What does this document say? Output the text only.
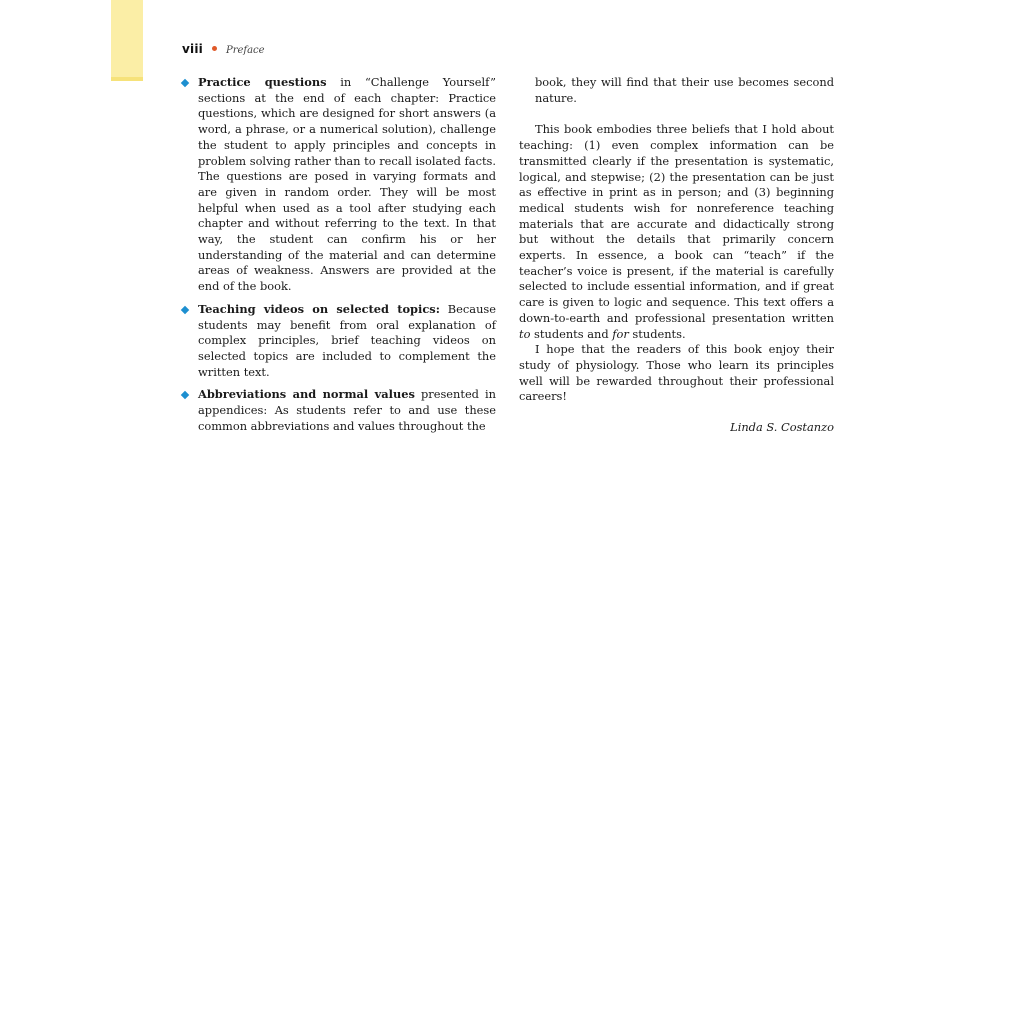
viii Preface
Practice questions in “Challenge Yourself” sections at the end of each chapter: Practice questions, which are designed for short answers (a word, a phrase, or a numerical solution), challenge the student to apply principles and concepts in problem solving rather than to recall isolated facts. The questions are posed in varying formats and are given in random order. They will be most helpful when used as a tool after studying each chapter and without referring to the text. In that way, the student can confirm his or her understanding of the material and can determine areas of weakness. Answers are provided at the end of the book.
Teaching videos on selected topics: Because students may benefit from oral explanation of complex principles, brief teaching videos on selected topics are included to complement the written text.
Abbreviations and normal values presented in appendices: As students refer to and use these common abbreviations and values throughout the

book, they will find that their use becomes second nature.

This book embodies three beliefs that I hold about teaching: (1) even complex information can be transmitted clearly if the presentation is systematic, logical, and stepwise; (2) the presentation can be just as effective in print as in person; and (3) beginning medical students wish for nonreference teaching materials that are accurate and didactically strong but without the details that primarily concern experts. In essence, a book can “teach” if the teacher’s voice is present, if the material is carefully selected to include essential information, and if great care is given to logic and sequence. This text offers a down-to-earth and professional presentation written to students and for students.

I hope that the readers of this book enjoy their study of physiology. Those who learn its principles well will be rewarded throughout their professional careers!

Linda S. Costanzo
